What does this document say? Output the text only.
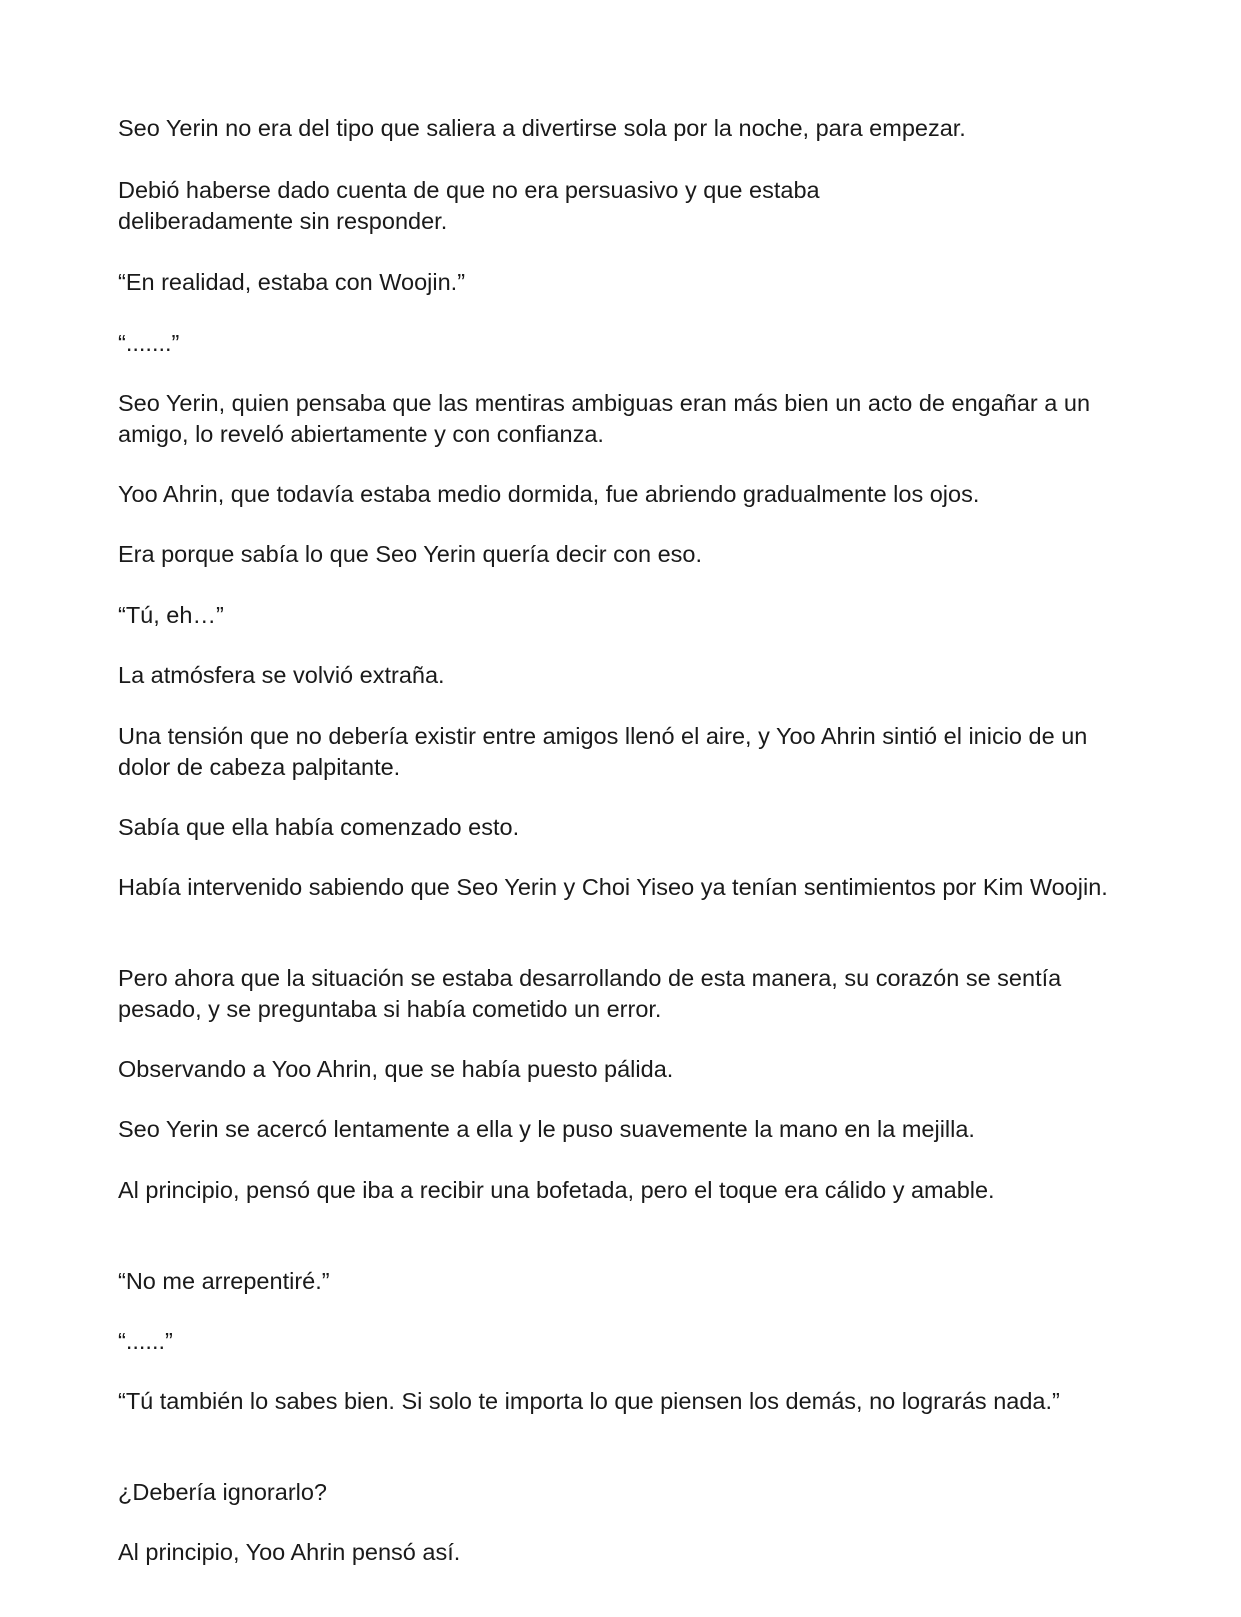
Seo Yerin no era del tipo que saliera a divertirse sola por la noche, para empezar.

Debió haberse dado cuenta de que no era persuasivo y que estaba deliberadamente sin responder.

“En realidad, estaba con Woojin.”

“.......”

Seo Yerin, quien pensaba que las mentiras ambiguas eran más bien un acto de engañar a un amigo, lo reveló abiertamente y con confianza.

Yoo Ahrin, que todavía estaba medio dormida, fue abriendo gradualmente los ojos.

Era porque sabía lo que Seo Yerin quería decir con eso.

“Tú, eh…”

La atmósfera se volvió extraña.

Una tensión que no debería existir entre amigos llenó el aire, y Yoo Ahrin sintió el inicio de un dolor de cabeza palpitante.

Sabía que ella había comenzado esto.

Había intervenido sabiendo que Seo Yerin y Choi Yiseo ya tenían sentimientos por Kim Woojin.

Pero ahora que la situación se estaba desarrollando de esta manera, su corazón se sentía pesado, y se preguntaba si había cometido un error.

Observando a Yoo Ahrin, que se había puesto pálida.

Seo Yerin se acercó lentamente a ella y le puso suavemente la mano en la mejilla.

Al principio, pensó que iba a recibir una bofetada, pero el toque era cálido y amable.

“No me arrepentiré.”

“......”

“Tú también lo sabes bien. Si solo te importa lo que piensen los demás, no lograrás nada.”

¿Debería ignorarlo?

Al principio, Yoo Ahrin pensó así.
